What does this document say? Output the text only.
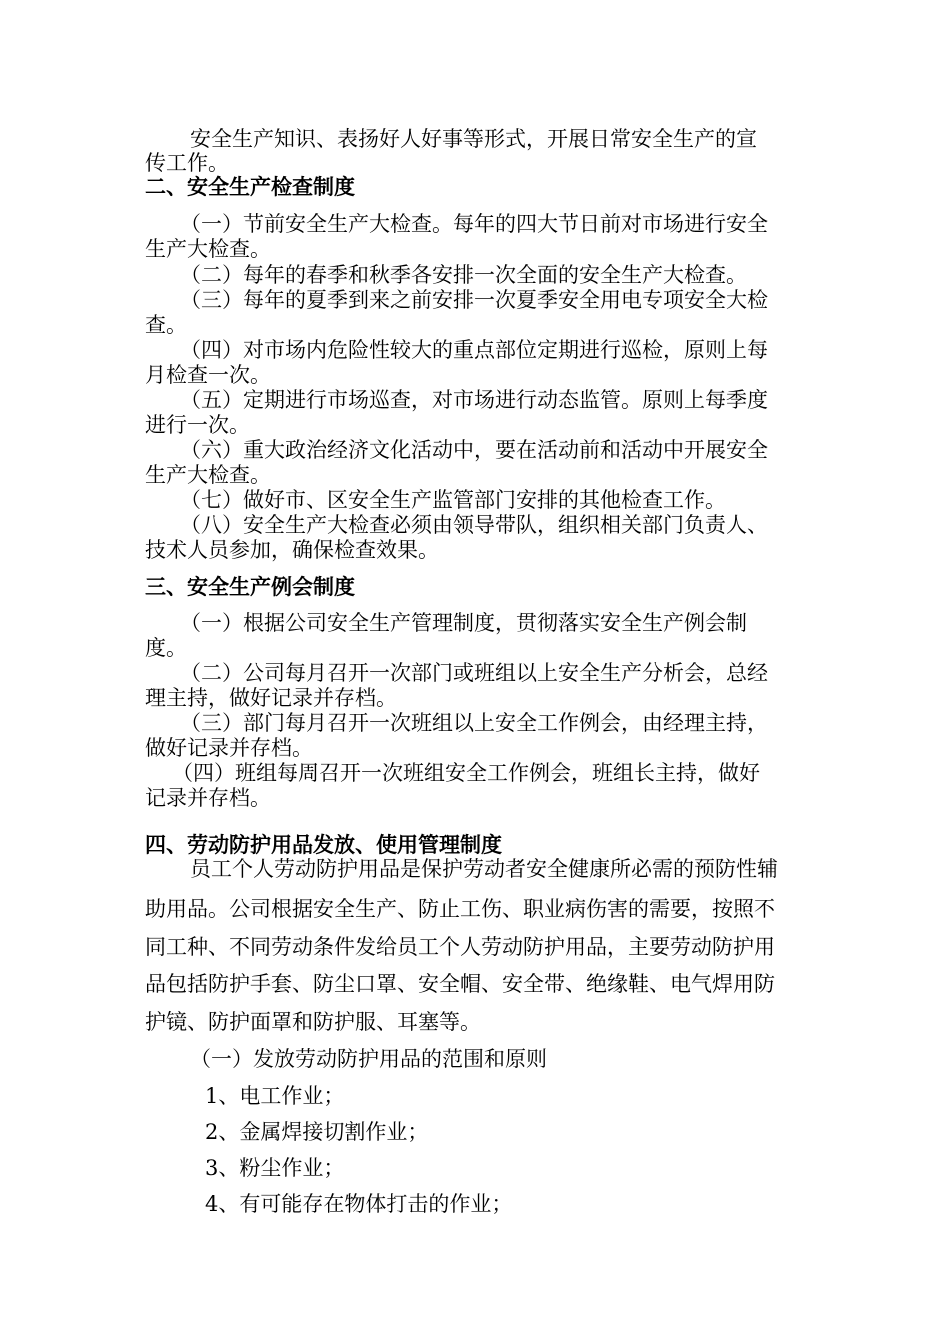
安全生产知识、表扬好人好事等形式，开展日常安全生产的宣
传工作。
二、安全生产检查制度
（一）节前安全生产大检查。每年的四大节日前对市场进行安全
生产大检查。
（二）每年的春季和秋季各安排一次全面的安全生产大检查。
（三）每年的夏季到来之前安排一次夏季安全用电专项安全大检
查。
（四）对市场内危险性较大的重点部位定期进行巡检，原则上每
月检查一次。
（五）定期进行市场巡查，对市场进行动态监管。原则上每季度
进行一次。
（六）重大政治经济文化活动中，要在活动前和活动中开展安全
生产大检查。
（七）做好市、区安全生产监管部门安排的其他检查工作。
（八）安全生产大检查必须由领导带队，组织相关部门负责人、
技术人员参加，确保检查效果。
三、安全生产例会制度
（一）根据公司安全生产管理制度，贯彻落实安全生产例会制
度。
（二）公司每月召开一次部门或班组以上安全生产分析会，总经
理主持，做好记录并存档。
（三）部门每月召开一次班组以上安全工作例会，由经理主持，
做好记录并存档。
（四）班组每周召开一次班组安全工作例会，班组长主持，做好
记录并存档。
四、劳动防护用品发放、使用管理制度
员工个人劳动防护用品是保护劳动者安全健康所必需的预防性辅
助用品。公司根据安全生产、防止工伤、职业病伤害的需要，按照不
同工种、不同劳动条件发给员工个人劳动防护用品，主要劳动防护用
品包括防护手套、防尘口罩、安全帽、安全带、绝缘鞋、电气焊用防
护镜、防护面罩和防护服、耳塞等。
（一）发放劳动防护用品的范围和原则
1、电工作业；
2、金属焊接切割作业；
3、粉尘作业；
4、有可能存在物体打击的作业；
